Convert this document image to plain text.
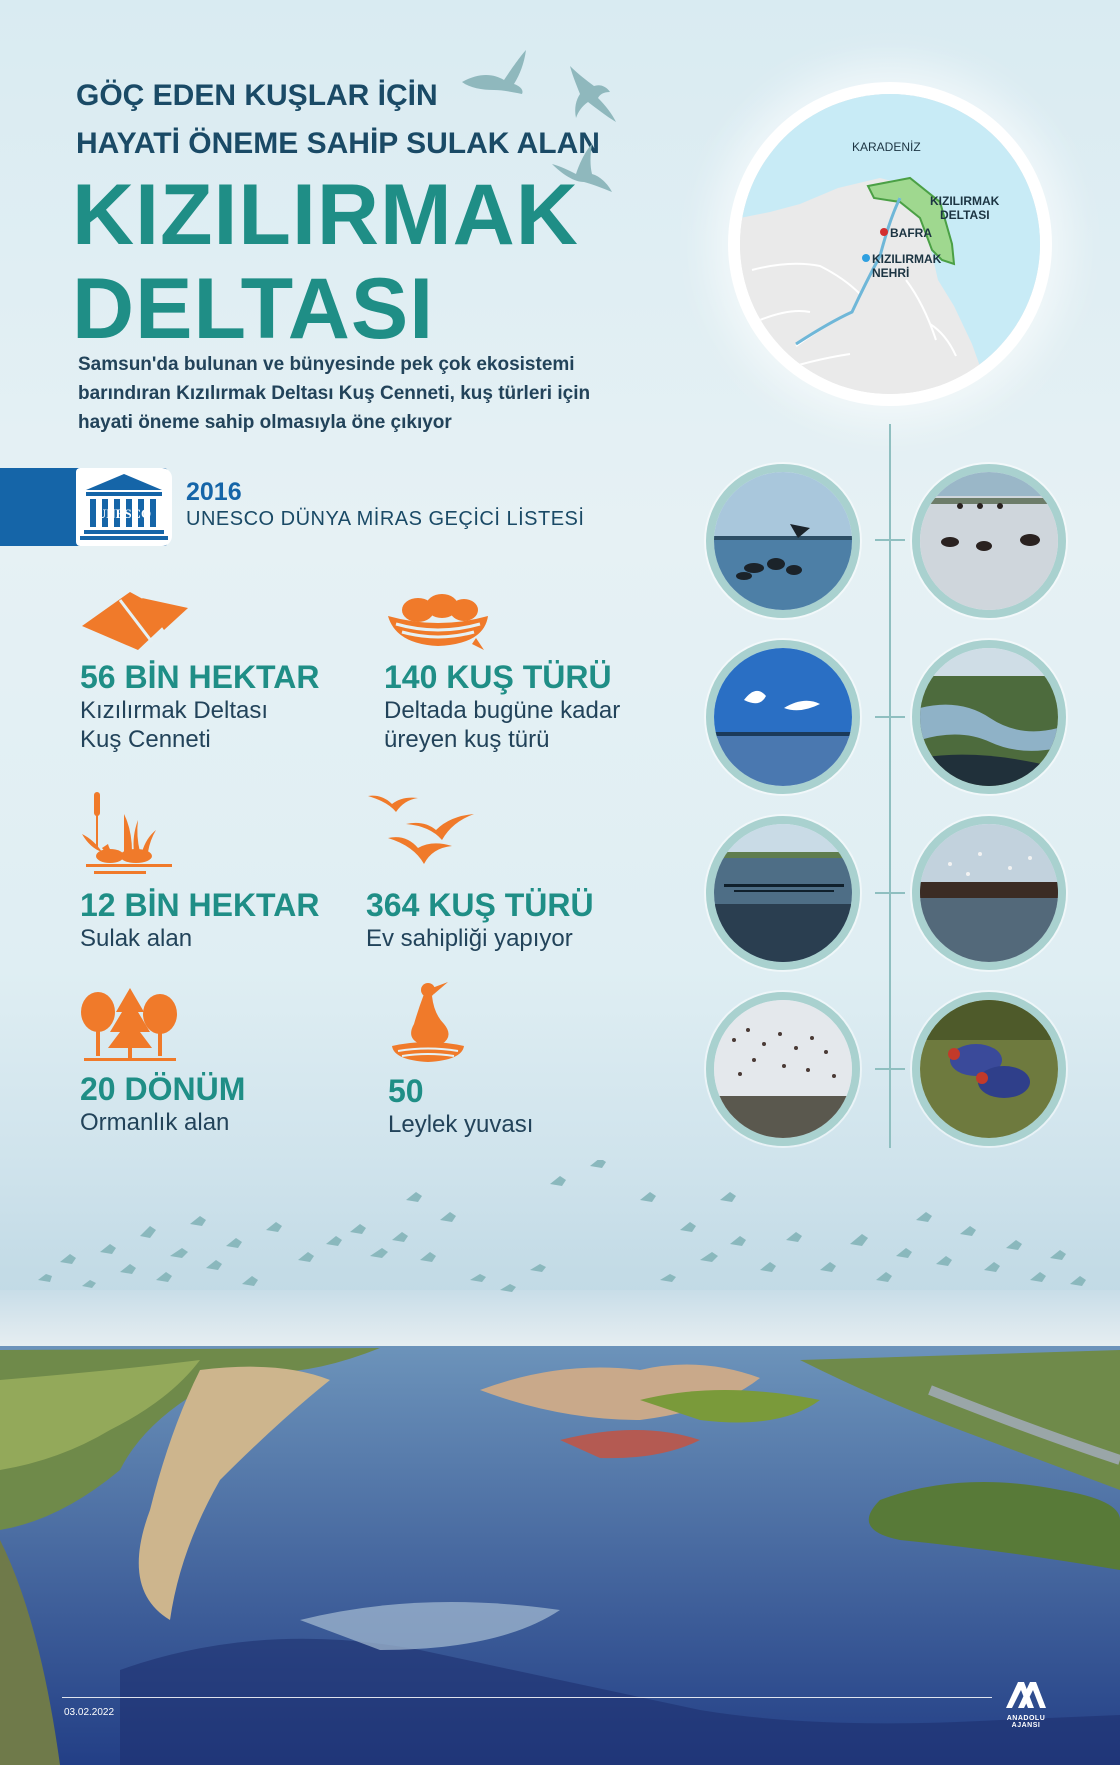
GÖÇ EDEN KUŞLAR İÇİN
HAYATİ ÖNEME SAHİP SULAK ALAN
KIZILIRMAK
DELTASI
Samsun'da bulunan ve bünyesinde pek çok ekosistemi
barındıran Kızılırmak Deltası Kuş Cenneti, kuş türleri için
hayati öneme sahip olmasıyla öne çıkıyor
UNESCO
2016
UNESCO DÜNYA MİRAS GEÇİCİ LİSTESİ
56 BİN HEKTAR
Kızılırmak Deltası
Kuş Cenneti
140 KUŞ TÜRÜ
Deltada bugüne kadar
üreyen kuş türü
12 BİN HEKTAR
Sulak alan
364 KUŞ TÜRÜ
Ev sahipliği yapıyor
20 DÖNÜM
Ormanlık alan
50
Leylek yuvası
KARADENİZ
KIZILIRMAK
DELTASI
BAFRA
KIZILIRMAK
NEHRİ
03.02.2022
ANADOLU AJANSI
